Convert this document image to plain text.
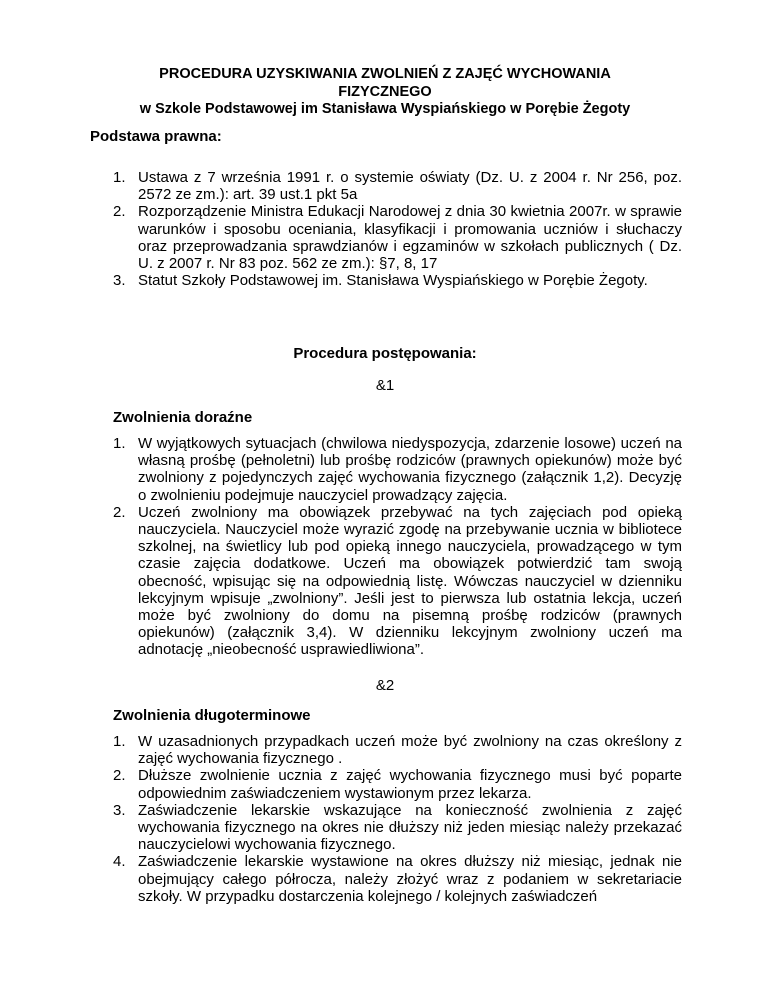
PROCEDURA UZYSKIWANIA ZWOLNIEŃ Z ZAJĘĆ WYCHOWANIA
FIZYCZNEGO
w Szkole Podstawowej im Stanisława Wyspiańskiego w Porębie Żegoty
Podstawa prawna:
1. Ustawa z 7 września 1991 r. o systemie oświaty (Dz. U. z 2004 r. Nr 256, poz. 2572 ze zm.): art. 39 ust.1 pkt 5a
2. Rozporządzenie Ministra Edukacji Narodowej z dnia 30 kwietnia 2007r. w sprawie warunków i sposobu oceniania, klasyfikacji i promowania uczniów i słuchaczy oraz przeprowadzania sprawdzianów i egzaminów w szkołach publicznych ( Dz. U. z 2007 r. Nr 83 poz. 562 ze zm.): §7, 8, 17
3. Statut Szkoły Podstawowej im. Stanisława Wyspiańskiego w Porębie Żegoty.
Procedura postępowania:
&1
Zwolnienia doraźne
1. W wyjątkowych sytuacjach (chwilowa niedyspozycja, zdarzenie losowe) uczeń na własną prośbę (pełnoletni) lub prośbę rodziców (prawnych opiekunów) może być zwolniony z pojedynczych zajęć wychowania fizycznego (załącznik 1,2). Decyzję o zwolnieniu podejmuje nauczyciel prowadzący zajęcia.
2. Uczeń zwolniony ma obowiązek przebywać na tych zajęciach pod opieką nauczyciela. Nauczyciel może wyrazić zgodę na przebywanie ucznia w bibliotece szkolnej, na świetlicy lub pod opieką innego nauczyciela, prowadzącego w tym czasie zajęcia dodatkowe. Uczeń ma obowiązek potwierdzić tam swoją obecność, wpisując się na odpowiednią listę. Wówczas nauczyciel w dzienniku lekcyjnym wpisuje „zwolniony”. Jeśli jest to pierwsza lub ostatnia lekcja, uczeń może być zwolniony do domu na pisemną prośbę rodziców (prawnych opiekunów) (załącznik 3,4). W dzienniku lekcyjnym zwolniony uczeń ma adnotację „nieobecność usprawiedliwiona”.
&2
Zwolnienia długoterminowe
1. W uzasadnionych przypadkach uczeń może być zwolniony na czas określony z zajęć wychowania fizycznego .
2. Dłuższe zwolnienie ucznia z zajęć wychowania fizycznego musi być poparte odpowiednim zaświadczeniem wystawionym przez lekarza.
3. Zaświadczenie lekarskie wskazujące na konieczność zwolnienia z zajęć wychowania fizycznego na okres nie dłuższy niż jeden miesiąc należy przekazać nauczycielowi wychowania fizycznego.
4. Zaświadczenie lekarskie wystawione na okres dłuższy niż miesiąc, jednak nie obejmujący całego półrocza, należy złożyć wraz z podaniem w sekretariacie szkoły. W przypadku dostarczenia kolejnego / kolejnych zaświadczeń
